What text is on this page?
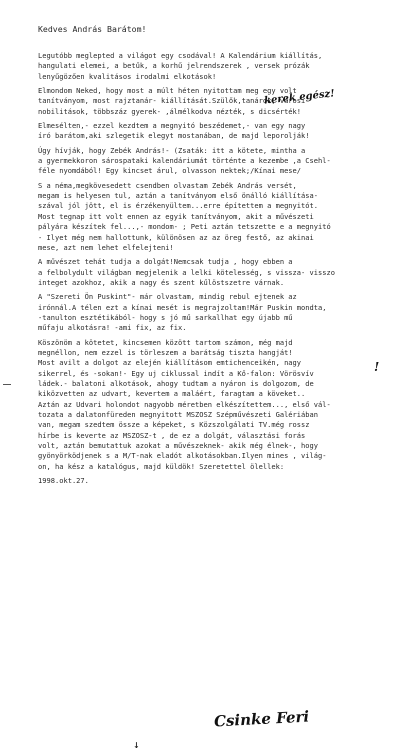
Kedves András Barátom!
Legutóbb meglepted a világot egy csodával! A Kalendárium kiállítás,
hangulati elemei, a betűk, a korhű jelrendszerek , versek prózák
lenyűgözően kvalitásos irodalmi elkotások!
Elmondom Neked, hogy most a múlt héten nyitottam meg egy volt
tanítványom, most rajztanár- kiállítását.Szülők,tanárok, városi
nobilitások, többszáz gyerek- ,álmélkodva nézték, s dicsérték!
Elmesélten,- ezzel kezdtem a megnyitó beszédemet,- van egy nagy
író barátom,aki szlegetik elegyt mostanában, de majd leporolják!
Úgy hívják, hogy Zebék András!- (Zsaták: itt a kötete, mintha a
a gyermekkoron sárospataki kalendáriumát történte a kezembe ,a Csehl-
féle nyomdából! Egy kincset árul, olvasson nektek;/Kínai mese/
S a néma,megkövesedett csendben olvastam Zebék András versét,
megam is helyesen tul, aztán a tanítványom első önálló kiállítása-
szával jól jött, el is érzékenyültem...erre építettem a megnyitót.
Most tegnap itt volt ennen az egyik tanítványom, akit a művészeti
pályára készítek fel...,- mondom- ; Peti aztán tetszette e a megnyitó
- Ilyet még nem hallottunk, különösen az az öreg festő, az akinai
mese, azt nem lehet elfelejteni!
A művészet tehát tudja a dolgát!Nemcsak tudja , hogy ebben a
a felbolydult világban megjelenik a lelki kötelesség, s vissza- visszo
integet azokhoz, akik a nagy és szent kűlöstszetre várnak.
A "Szereti Ön Puskint"- már olvastam, mindig rebul ejtenek az
irónnál.A télen ezt a kínai mesét is megrajzoltam!Már Puskin mondta,
-tanulton esztétikából- hogy s jó mű sarkallhat egy újabb mű
műfaju alkotásra! -ami fix, az fix.
Köszönöm a kötetet, kincsemen között tartom számon, még majd
megnéllon, nem ezzel is törleszem a barátság tiszta hangját!
Most avilt a dolgot az elején kiállításom emtichenceikén, nagy
sikerrel, és -sokan!- Egy uj ciklussal indít a Kő-falon: Vörösvív
ládek.- balatoni alkotások, ahogy tudtam a nyáron is dolgozom, de
kiközvetten az udvart, kevertem a maláért, faragtam a köveket..
Aztán az Udvari holondot nagyobb méretben elkészítettem..., első vál-
tozata a dalatonfüreden megnyitott MSZOSZ Szépművészeti Galériában
van, megam szedtem össze a képeket, s Közszolgálati TV.még rossz
hírbe is keverte az MSZOSZ-t , de ez a dolgát, választási forás
volt, aztán bemutattuk azokat a művészeknek- akik még élnek-, hogy
gyönyörködjenek s a M/T-nak eladót alkotásokban.Ilyen mines , világ-
on, ha kész a katalógus, majd küldök! Szeretettel ölellek:
1998.okt.27.
kerek egész!
!
Csinke Feri
↓
